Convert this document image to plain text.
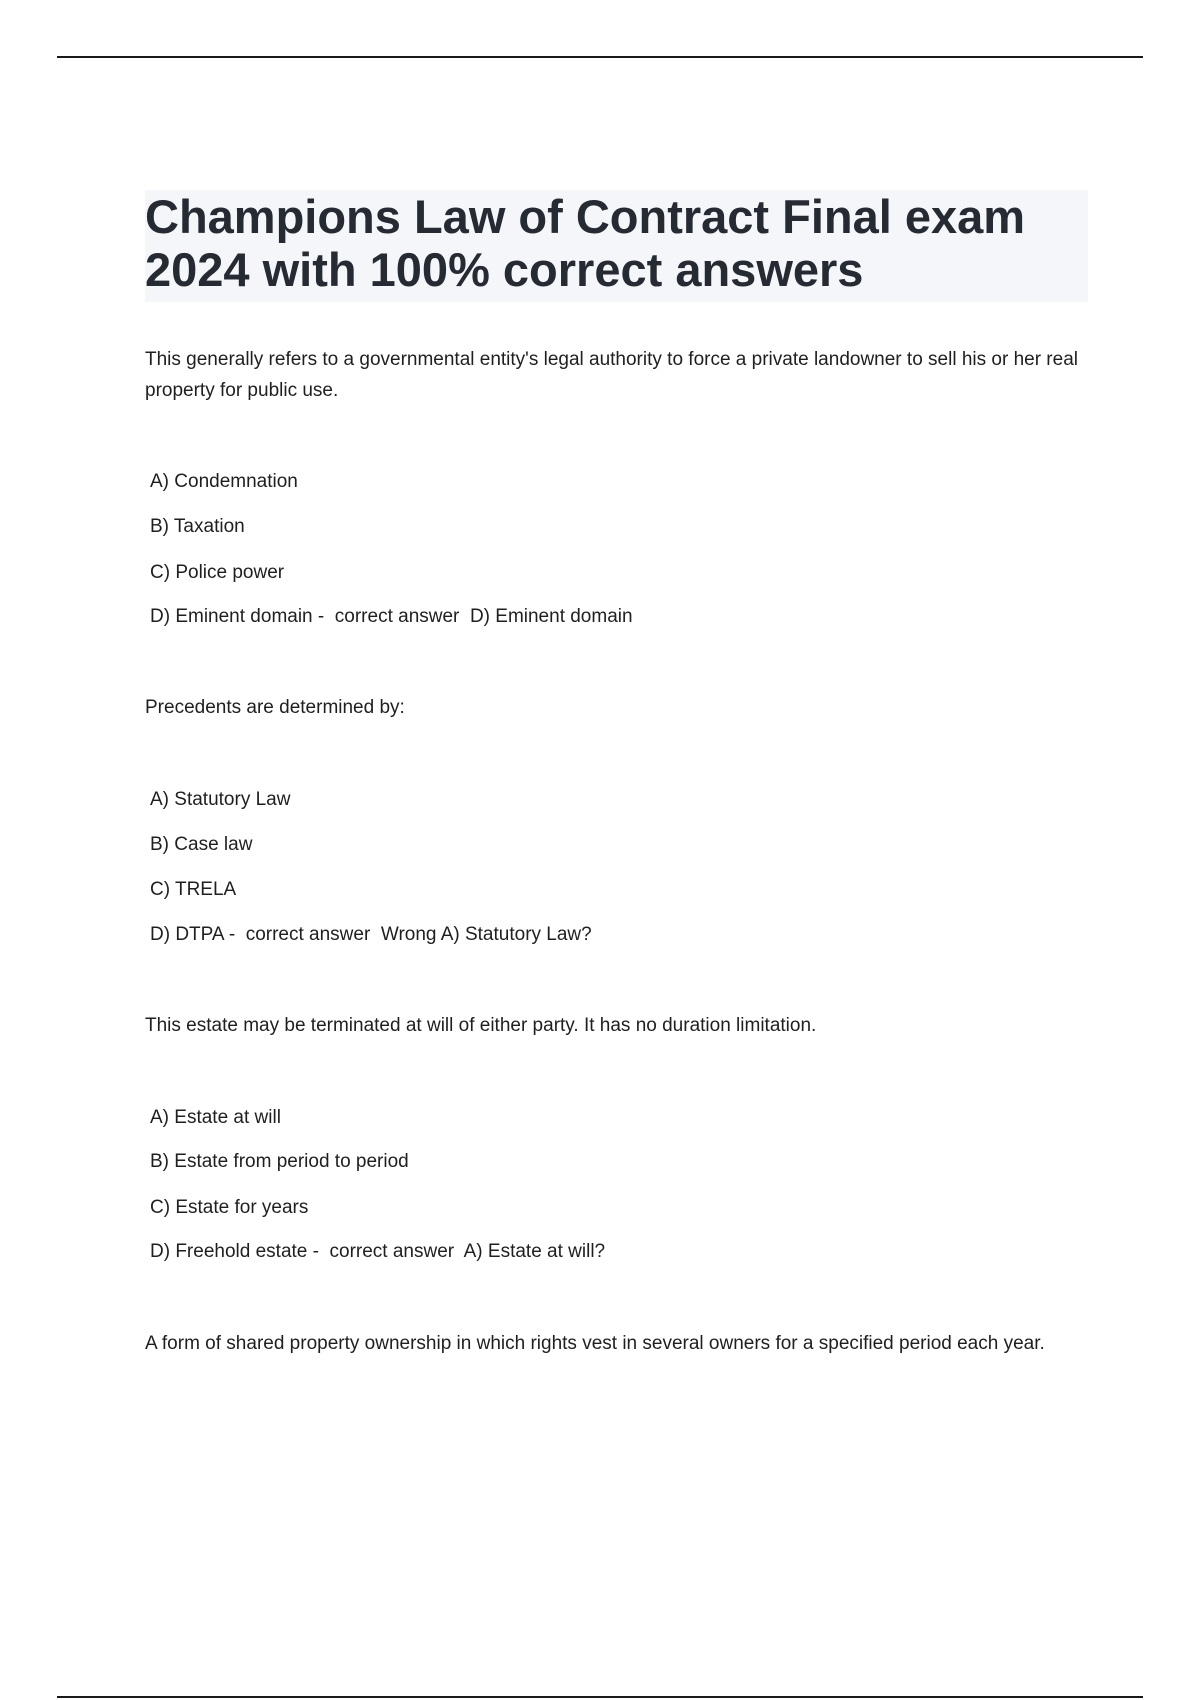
Champions Law of Contract Final exam 2024 with 100% correct answers

This generally refers to a governmental entity's legal authority to force a private landowner to sell his or her real property for public use.

A) Condemnation

B) Taxation

C) Police power

D) Eminent domain -  correct answer  D) Eminent domain

Precedents are determined by:

A) Statutory Law

B) Case law

C) TRELA

D) DTPA -  correct answer  Wrong A) Statutory Law?

This estate may be terminated at will of either party. It has no duration limitation.

A) Estate at will

B) Estate from period to period

C) Estate for years

D) Freehold estate -  correct answer  A) Estate at will?

A form of shared property ownership in which rights vest in several owners for a specified period each year.
